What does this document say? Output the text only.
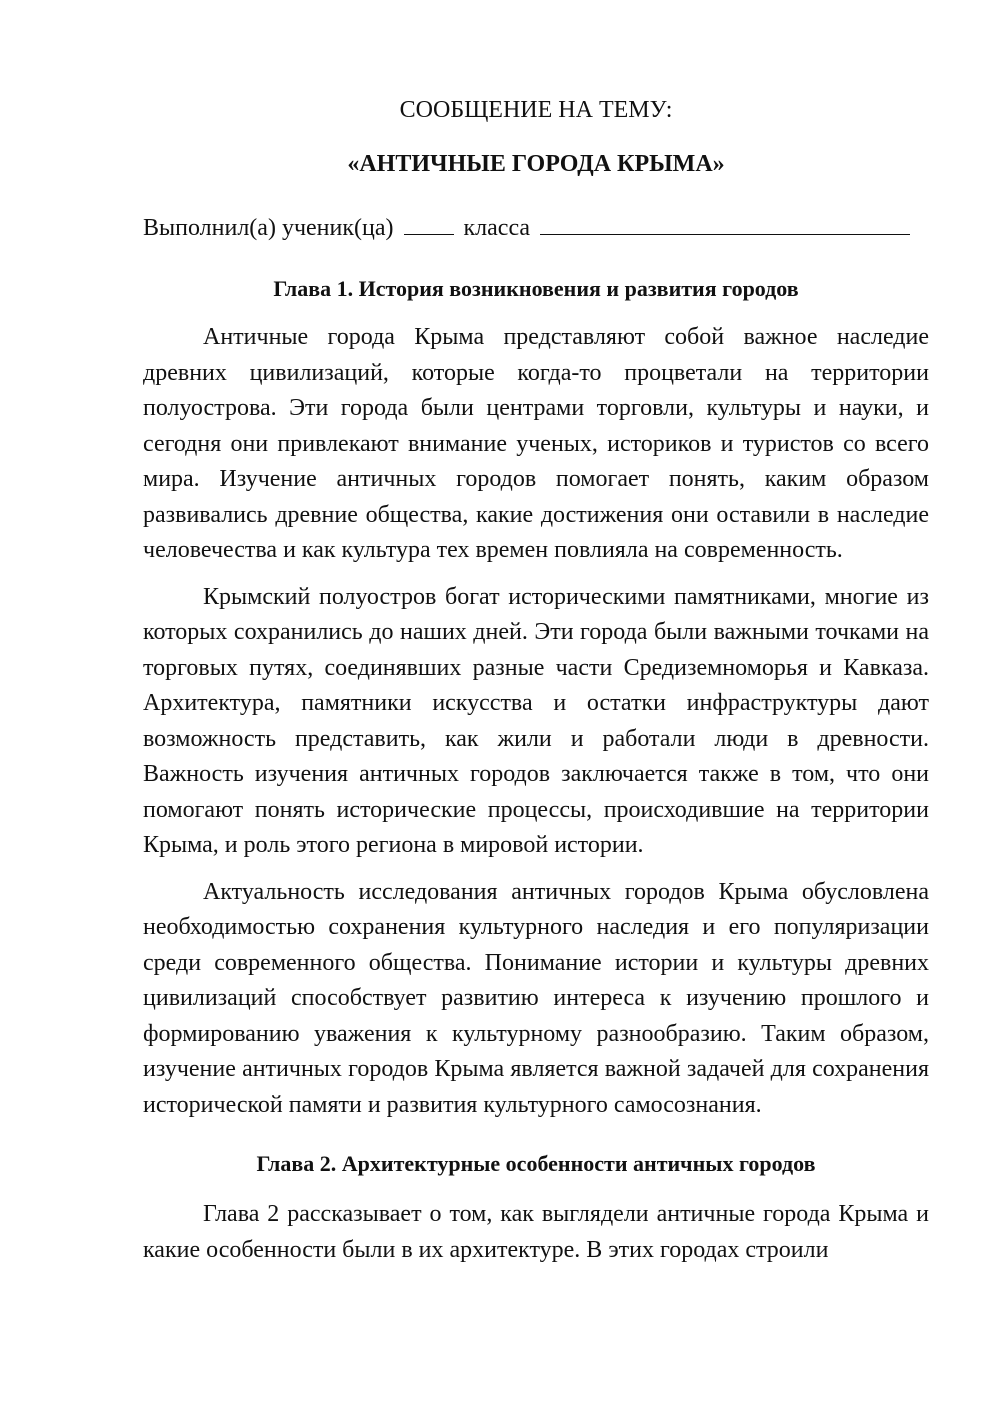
СООБЩЕНИЕ НА ТЕМУ:

«АНТИЧНЫЕ ГОРОДА КРЫМА»

Выполнил(а) ученик(ца)	класса
Глава 1. История возникновения и развития городов

Античные города Крыма представляют собой важное наследие древних цивилизаций, которые когда-то процветали на территории полуострова. Эти города были центрами торговли, культуры и науки, и сегодня они привлекают внимание ученых, историков и туристов со всего мира. Изучение античных городов помогает понять, каким образом развивались древние общества, какие достижения они оставили в наследие человечества и как культура тех времен повлияла на современность.

Крымский полуостров богат историческими памятниками, многие из которых сохранились до наших дней. Эти города были важными точками на торговых путях, соединявших разные части Средиземноморья и Кавказа. Архитектура, памятники искусства и остатки инфраструктуры дают возможность представить, как жили и работали люди в древности. Важность изучения античных городов заключается также в том, что они помогают понять исторические процессы, происходившие на территории Крыма, и роль этого региона в мировой истории.

Актуальность исследования античных городов Крыма обусловлена необходимостью сохранения культурного наследия и его популяризации среди современного общества. Понимание истории и культуры древних цивилизаций способствует развитию интереса к изучению прошлого и формированию уважения к культурному разнообразию. Таким образом, изучение античных городов Крыма является важной задачей для сохранения исторической памяти и развития культурного самосознания.

Глава 2. Архитектурные особенности античных городов

Глава 2 рассказывает о том, как выглядели античные города Крыма и какие особенности были в их архитектуре. В этих городах строили
